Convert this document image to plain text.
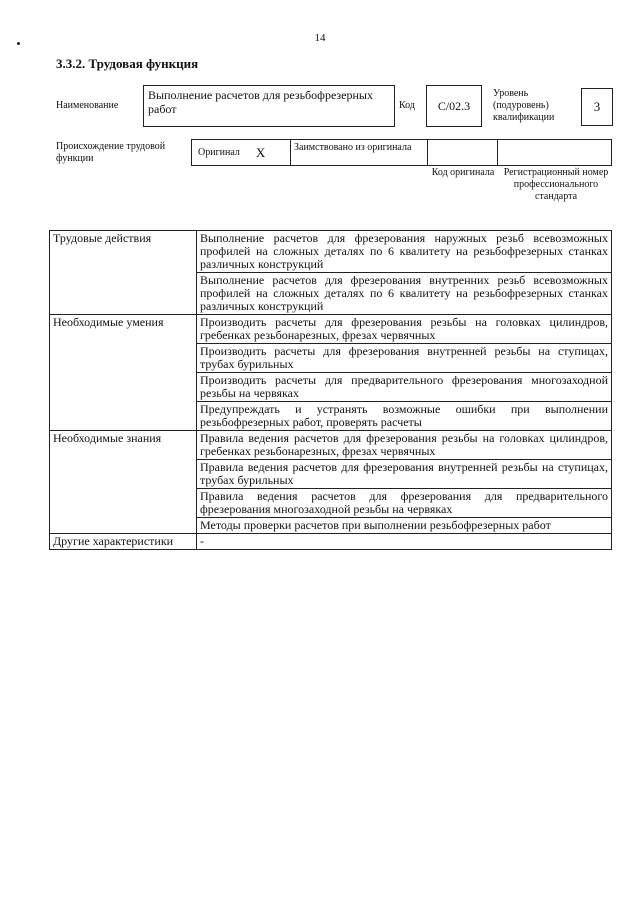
14
3.3.2. Трудовая функция
Наименование
Выполнение расчетов для резьбофрезерных работ	Код	С/02.3
Уровень (подуровень) квалификации
3
Происхождение трудовой функции
Оригинал X	Заимствовано из оригинала
Код оригинала Регистрационный номер профессионального стандарта
Трудовые действия	Выполнение расчетов для фрезерования наружных резьб всевозможных профилей на сложных деталях по 6 квалитету на резьбофрезерных станках различных конструкций
	Выполнение расчетов для фрезерования внутренних резьб всевозможных профилей на сложных деталях по 6 квалитету на резьбофрезерных станках различных конструкций
Необходимые умения	Производить расчеты для фрезерования резьбы на головках цилиндров, гребенках резьбонарезных, фрезах червячных
	Производить расчеты для фрезерования внутренней резьбы на ступицах, трубах бурильных
	Производить расчеты для предварительного фрезерования многозаходной резьбы на червяках
	Предупреждать и устранять возможные ошибки при выполнении резьбофрезерных работ, проверять расчеты
Необходимые знания	Правила ведения расчетов для фрезерования резьбы на головках цилиндров, гребенках резьбонарезных, фрезах червячных
	Правила ведения расчетов для фрезерования внутренней резьбы на ступицах, трубах бурильных
	Правила ведения расчетов для фрезерования для предварительного фрезерования многозаходной резьбы на червяках
	Методы проверки расчетов при выполнении резьбофрезерных работ
Другие характеристики	-
